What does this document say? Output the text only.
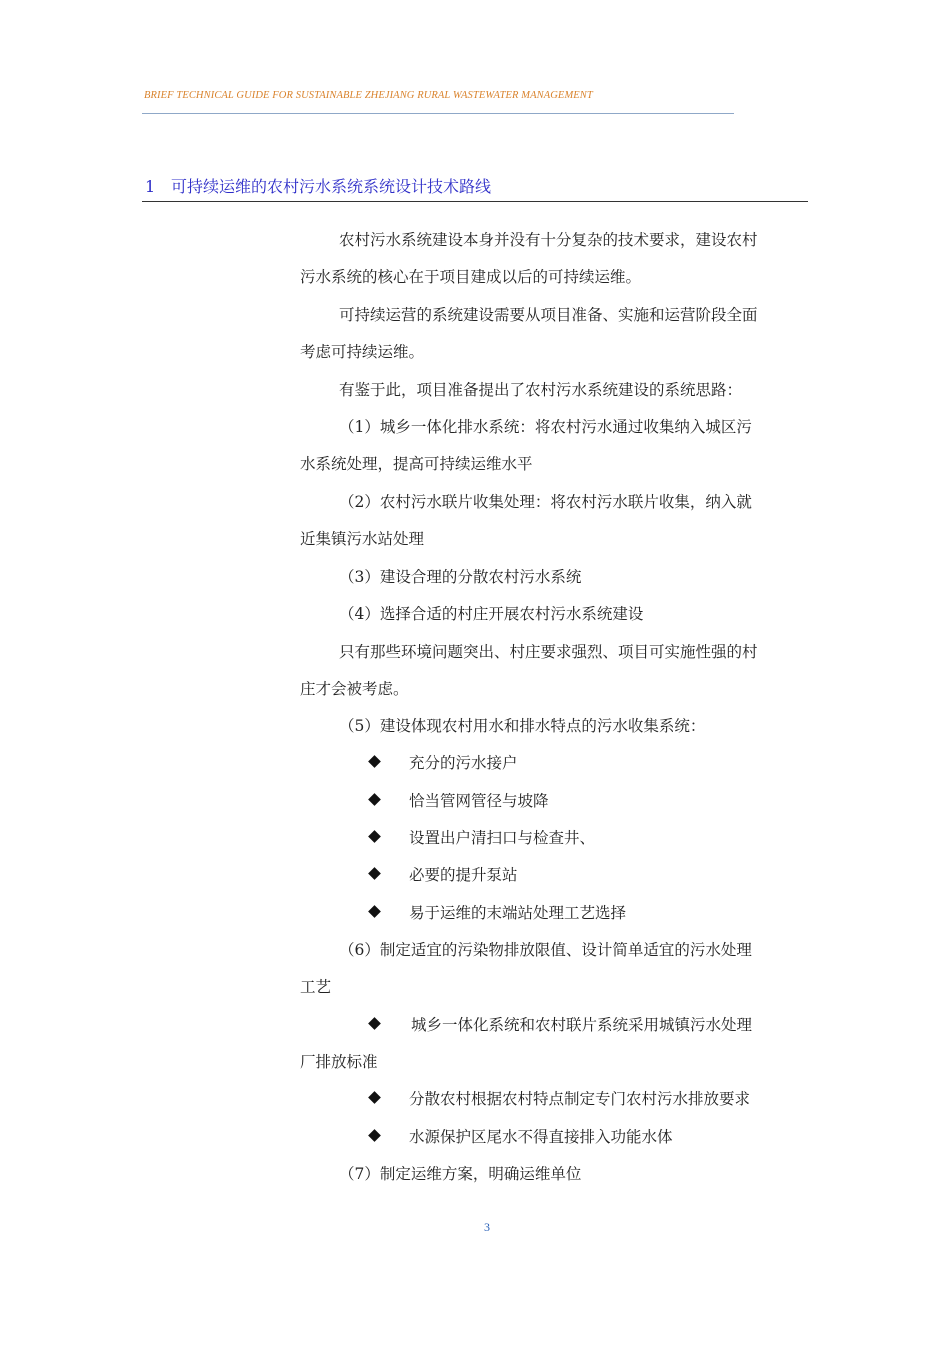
BRIEF TECHNICAL GUIDE FOR SUSTAINABLE ZHEJIANG RURAL WASTEWATER MANAGEMENT
1 可持续运维的农村污水系统系统设计技术路线
农村污水系统建设本身并没有十分复杂的技术要求，建设农村
污水系统的核心在于项目建成以后的可持续运维。
可持续运营的系统建设需要从项目准备、实施和运营阶段全面
考虑可持续运维。
有鉴于此，项目准备提出了农村污水系统建设的系统思路：
（1）城乡一体化排水系统：将农村污水通过收集纳入城区污
水系统处理，提高可持续运维水平
（2）农村污水联片收集处理：将农村污水联片收集，纳入就
近集镇污水站处理
（3）建设合理的分散农村污水系统
（4）选择合适的村庄开展农村污水系统建设
只有那些环境问题突出、村庄要求强烈、项目可实施性强的村
庄才会被考虑。
（5）建设体现农村用水和排水特点的污水收集系统：
充分的污水接户
恰当管网管径与坡降
设置出户清扫口与检查井、
必要的提升泵站
易于运维的末端站处理工艺选择
（6）制定适宜的污染物排放限值、设计简单适宜的污水处理
工艺
城乡一体化系统和农村联片系统采用城镇污水处理
厂排放标准
分散农村根据农村特点制定专门农村污水排放要求
水源保护区尾水不得直接排入功能水体
（7）制定运维方案，明确运维单位
3
